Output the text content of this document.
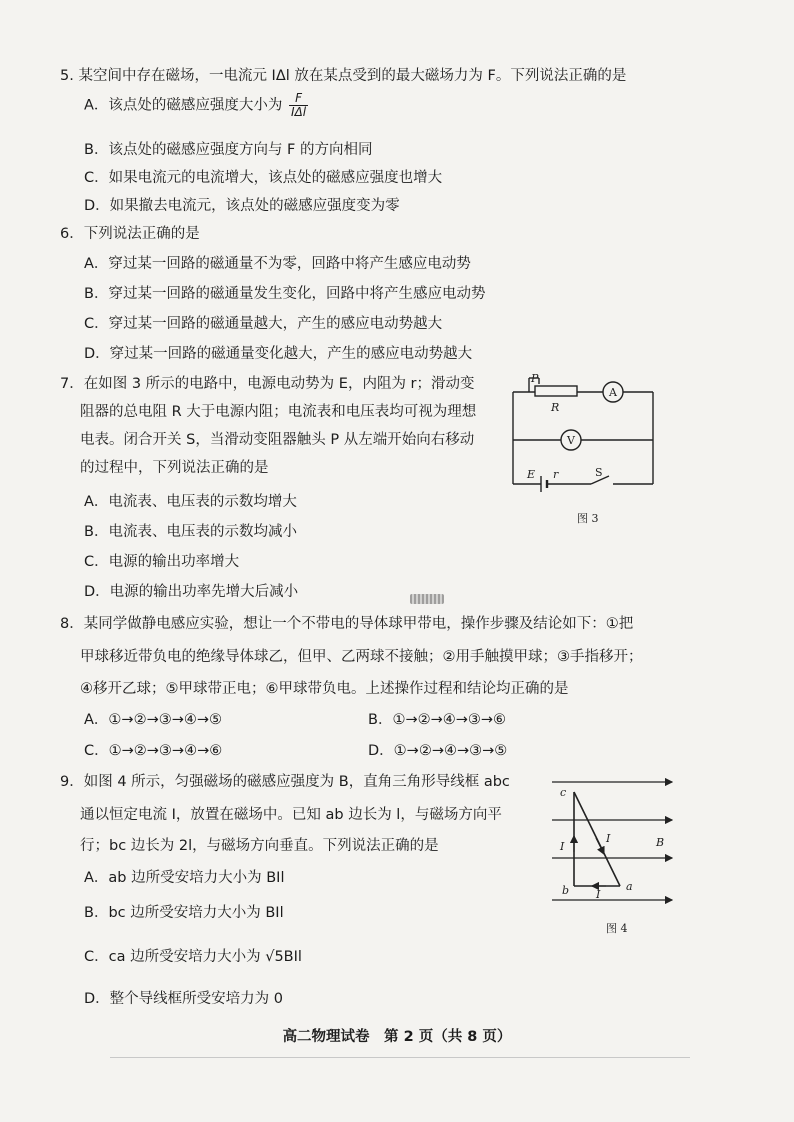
5. 某空间中存在磁场，一电流元 IΔl 放在某点受到的最大磁场力为 F。下列说法正确的是
A．该点处的磁感应强度大小为 $\frac{F}{\text{IΔl}}$
B．该点处的磁感应强度方向与 F 的方向相同
C．如果电流元的电流增大，该点处的磁感应强度也增大
D．如果撤去电流元，该点处的磁感应强度变为零
6．下列说法正确的是
A．穿过某一回路的磁通量不为零，回路中将产生感应电动势
B．穿过某一回路的磁通量发生变化，回路中将产生感应电动势
C．穿过某一回路的磁通量越大，产生的感应电动势越大
D．穿过某一回路的磁通量变化越大，产生的感应电动势越大
7．在如图 3 所示的电路中，电源电动势为 E，内阻为 r；滑动变
阻器的总电阻 R 大于电源内阻；电流表和电压表均可视为理想
电表。闭合开关 S，当滑动变阻器触头 P 从左端开始向右移动
的过程中，下列说法正确的是
A．电流表、电压表的示数均增大
B．电流表、电压表的示数均减小
C．电源的输出功率增大
D．电源的输出功率先增大后减小
P
R
E r
A
V
S
图 3
8．某同学做静电感应实验，想让一个不带电的导体球甲带电，操作步骤及结论如下：①把
甲球移近带负电的绝缘导体球乙，但甲、乙两球不接触；②用手触摸甲球；③手指移开；
④移开乙球；⑤甲球带正电；⑥甲球带负电。上述操作过程和结论均正确的是
A．①→②→③→④→⑤	B．①→②→④→③→⑥
C．①→②→③→④→⑥	D．①→②→④→③→⑤
9．如图 4 所示，匀强磁场的磁感应强度为 B，直角三角形导线框 abc
通以恒定电流 I，放置在磁场中。已知 ab 边长为 l，与磁场方向平
行；bc 边长为 2l，与磁场方向垂直。下列说法正确的是
A．ab 边所受安培力大小为 BIl
B．bc 边所受安培力大小为 BIl
C．ca 边所受安培力大小为 √5BIl
D．整个导线框所受安培力为 0
c
b	a
B
I
I
I
图 4
高二物理试卷　第 2 页（共 8 页）
